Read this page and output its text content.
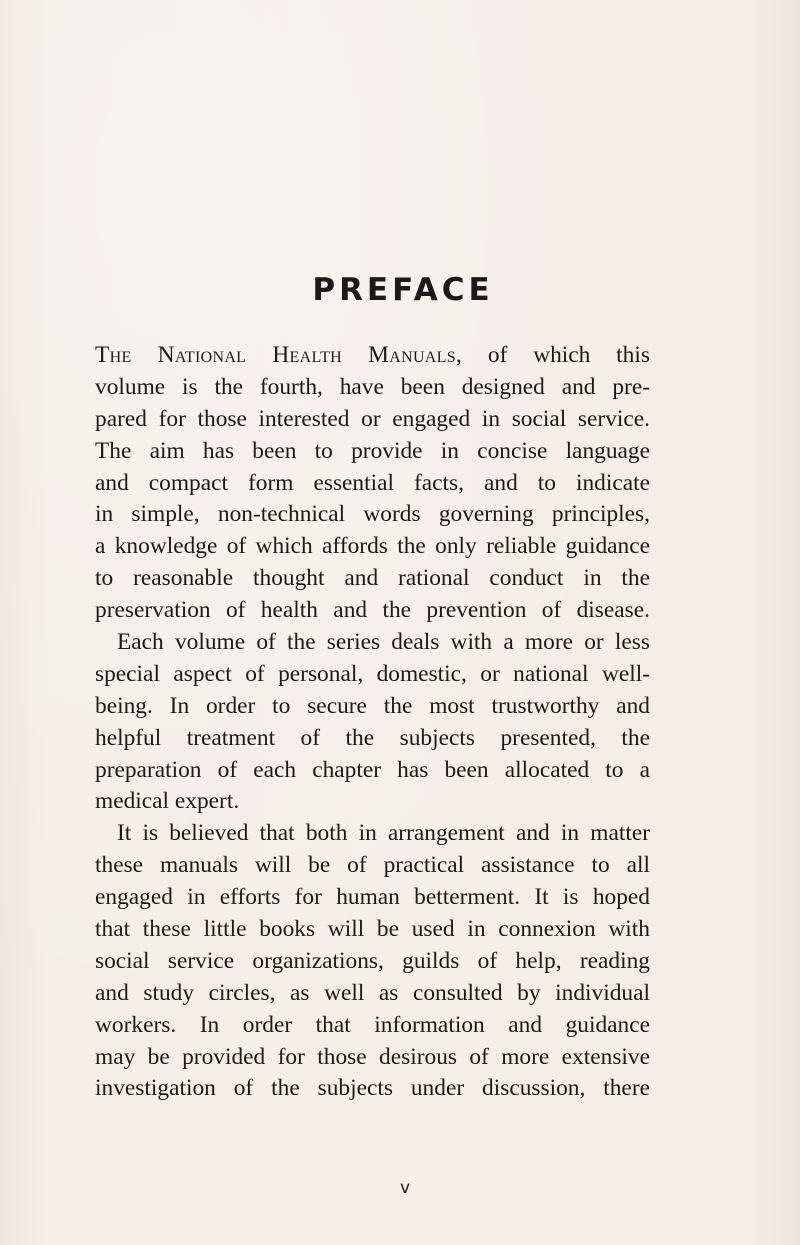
PREFACE
The National Health Manuals, of which this
volume is the fourth, have been designed and pre-
pared for those interested or engaged in social service.
The aim has been to provide in concise language
and compact form essential facts, and to indicate
in simple, non-technical words governing principles,
a knowledge of which affords the only reliable guidance
to reasonable thought and rational conduct in the
preservation of health and the prevention of disease.
Each volume of the series deals with a more or less
special aspect of personal, domestic, or national well-
being. In order to secure the most trustworthy and
helpful treatment of the subjects presented, the
preparation of each chapter has been allocated to a
medical expert.
It is believed that both in arrangement and in matter
these manuals will be of practical assistance to all
engaged in efforts for human betterment. It is hoped
that these little books will be used in connexion with
social service organizations, guilds of help, reading
and study circles, as well as consulted by individual
workers. In order that information and guidance
may be provided for those desirous of more extensive
investigation of the subjects under discussion, there
v
